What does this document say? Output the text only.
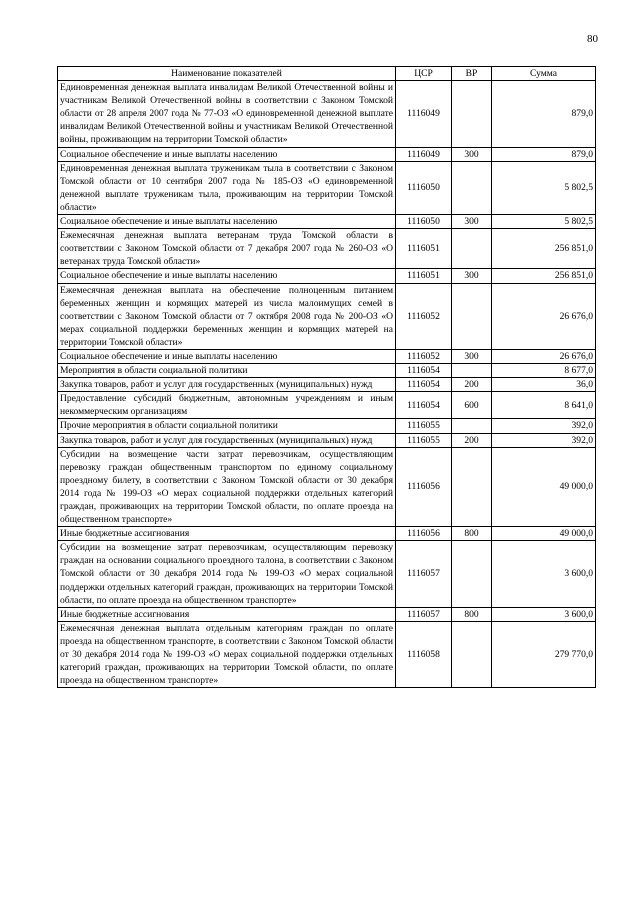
80
Наименование показателей	ЦСР	ВР	Сумма
Единовременная денежная выплата инвалидам Великой Отечественной войны и участникам Великой Отечественной войны в соответствии с Законом Томской области от 28 апреля 2007 года № 77-ОЗ «О единовременной денежной выплате инвалидам Великой Отечественной войны и участникам Великой Отечественной войны, проживающим на территории Томской области»	1116049		879,0
Социальное обеспечение и иные выплаты населению	1116049	300	879,0
Единовременная денежная выплата труженикам тыла в соответствии с Законом Томской области от 10 сентября 2007 года № 185-ОЗ «О единовременной денежной выплате труженикам тыла, проживающим на территории Томской области»	1116050		5 802,5
Социальное обеспечение и иные выплаты населению	1116050	300	5 802,5
Ежемесячная денежная выплата ветеранам труда Томской области в соответствии с Законом Томской области от 7 декабря 2007 года № 260-ОЗ «О ветеранах труда Томской области»	1116051		256 851,0
Социальное обеспечение и иные выплаты населению	1116051	300	256 851,0
Ежемесячная денежная выплата на обеспечение полноценным питанием беременных женщин и кормящих матерей из числа малоимущих семей в соответствии с Законом Томской области от 7 октября 2008 года № 200-ОЗ «О мерах социальной поддержки беременных женщин и кормящих матерей на территории Томской области»	1116052		26 676,0
Социальное обеспечение и иные выплаты населению	1116052	300	26 676,0
Мероприятия в области социальной политики	1116054		8 677,0
Закупка товаров, работ и услуг для государственных (муниципальных) нужд	1116054	200	36,0
Предоставление субсидий бюджетным, автономным учреждениям и иным некоммерческим организациям	1116054	600	8 641,0
Прочие мероприятия в области социальной политики	1116055		392,0
Закупка товаров, работ и услуг для государственных (муниципальных) нужд	1116055	200	392,0
Субсидии на возмещение части затрат перевозчикам, осуществляющим перевозку граждан общественным транспортом по единому социальному проездному билету, в соответствии с Законом Томской области от 30 декабря 2014 года № 199-ОЗ «О мерах социальной поддержки отдельных категорий граждан, проживающих на территории Томской области, по оплате проезда на общественном транспорте»	1116056		49 000,0
Иные бюджетные ассигнования	1116056	800	49 000,0
Субсидии на возмещение затрат перевозчикам, осуществляющим перевозку граждан на основании социального проездного талона, в соответствии с Законом Томской области от 30 декабря 2014 года № 199-ОЗ «О мерах социальной поддержки отдельных категорий граждан, проживающих на территории Томской области, по оплате проезда на общественном транспорте»	1116057		3 600,0
Иные бюджетные ассигнования	1116057	800	3 600,0
Ежемесячная денежная выплата отдельным категориям граждан по оплате проезда на общественном транспорте, в соответствии с Законом Томской области от 30 декабря 2014 года № 199-ОЗ «О мерах социальной поддержки отдельных категорий граждан, проживающих на территории Томской области, по оплате проезда на общественном транспорте»	1116058		279 770,0
